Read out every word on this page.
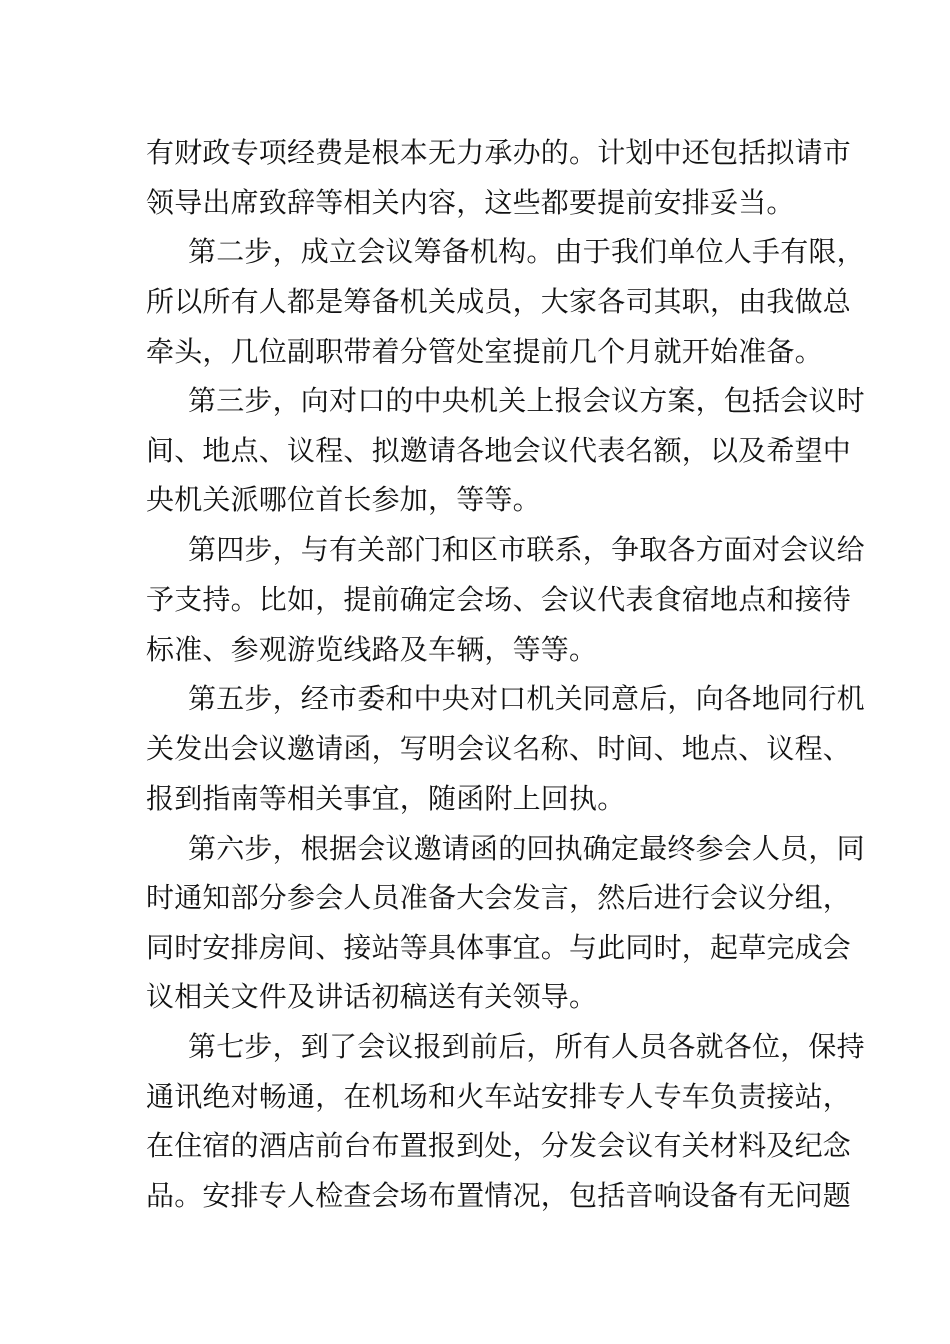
有财政专项经费是根本无力承办的。计划中还包括拟请市
领导出席致辞等相关内容，这些都要提前安排妥当。
第二步，成立会议筹备机构。由于我们单位人手有限，
所以所有人都是筹备机关成员，大家各司其职，由我做总
牵头，几位副职带着分管处室提前几个月就开始准备。
第三步，向对口的中央机关上报会议方案，包括会议时
间、地点、议程、拟邀请各地会议代表名额，以及希望中
央机关派哪位首长参加，等等。
第四步，与有关部门和区市联系，争取各方面对会议给
予支持。比如，提前确定会场、会议代表食宿地点和接待
标准、参观游览线路及车辆，等等。
第五步，经市委和中央对口机关同意后，向各地同行机
关发出会议邀请函，写明会议名称、时间、地点、议程、
报到指南等相关事宜，随函附上回执。
第六步，根据会议邀请函的回执确定最终参会人员，同
时通知部分参会人员准备大会发言，然后进行会议分组，
同时安排房间、接站等具体事宜。与此同时，起草完成会
议相关文件及讲话初稿送有关领导。
第七步，到了会议报到前后，所有人员各就各位，保持
通讯绝对畅通，在机场和火车站安排专人专车负责接站，
在住宿的酒店前台布置报到处，分发会议有关材料及纪念
品。安排专人检查会场布置情况，包括音响设备有无问题
